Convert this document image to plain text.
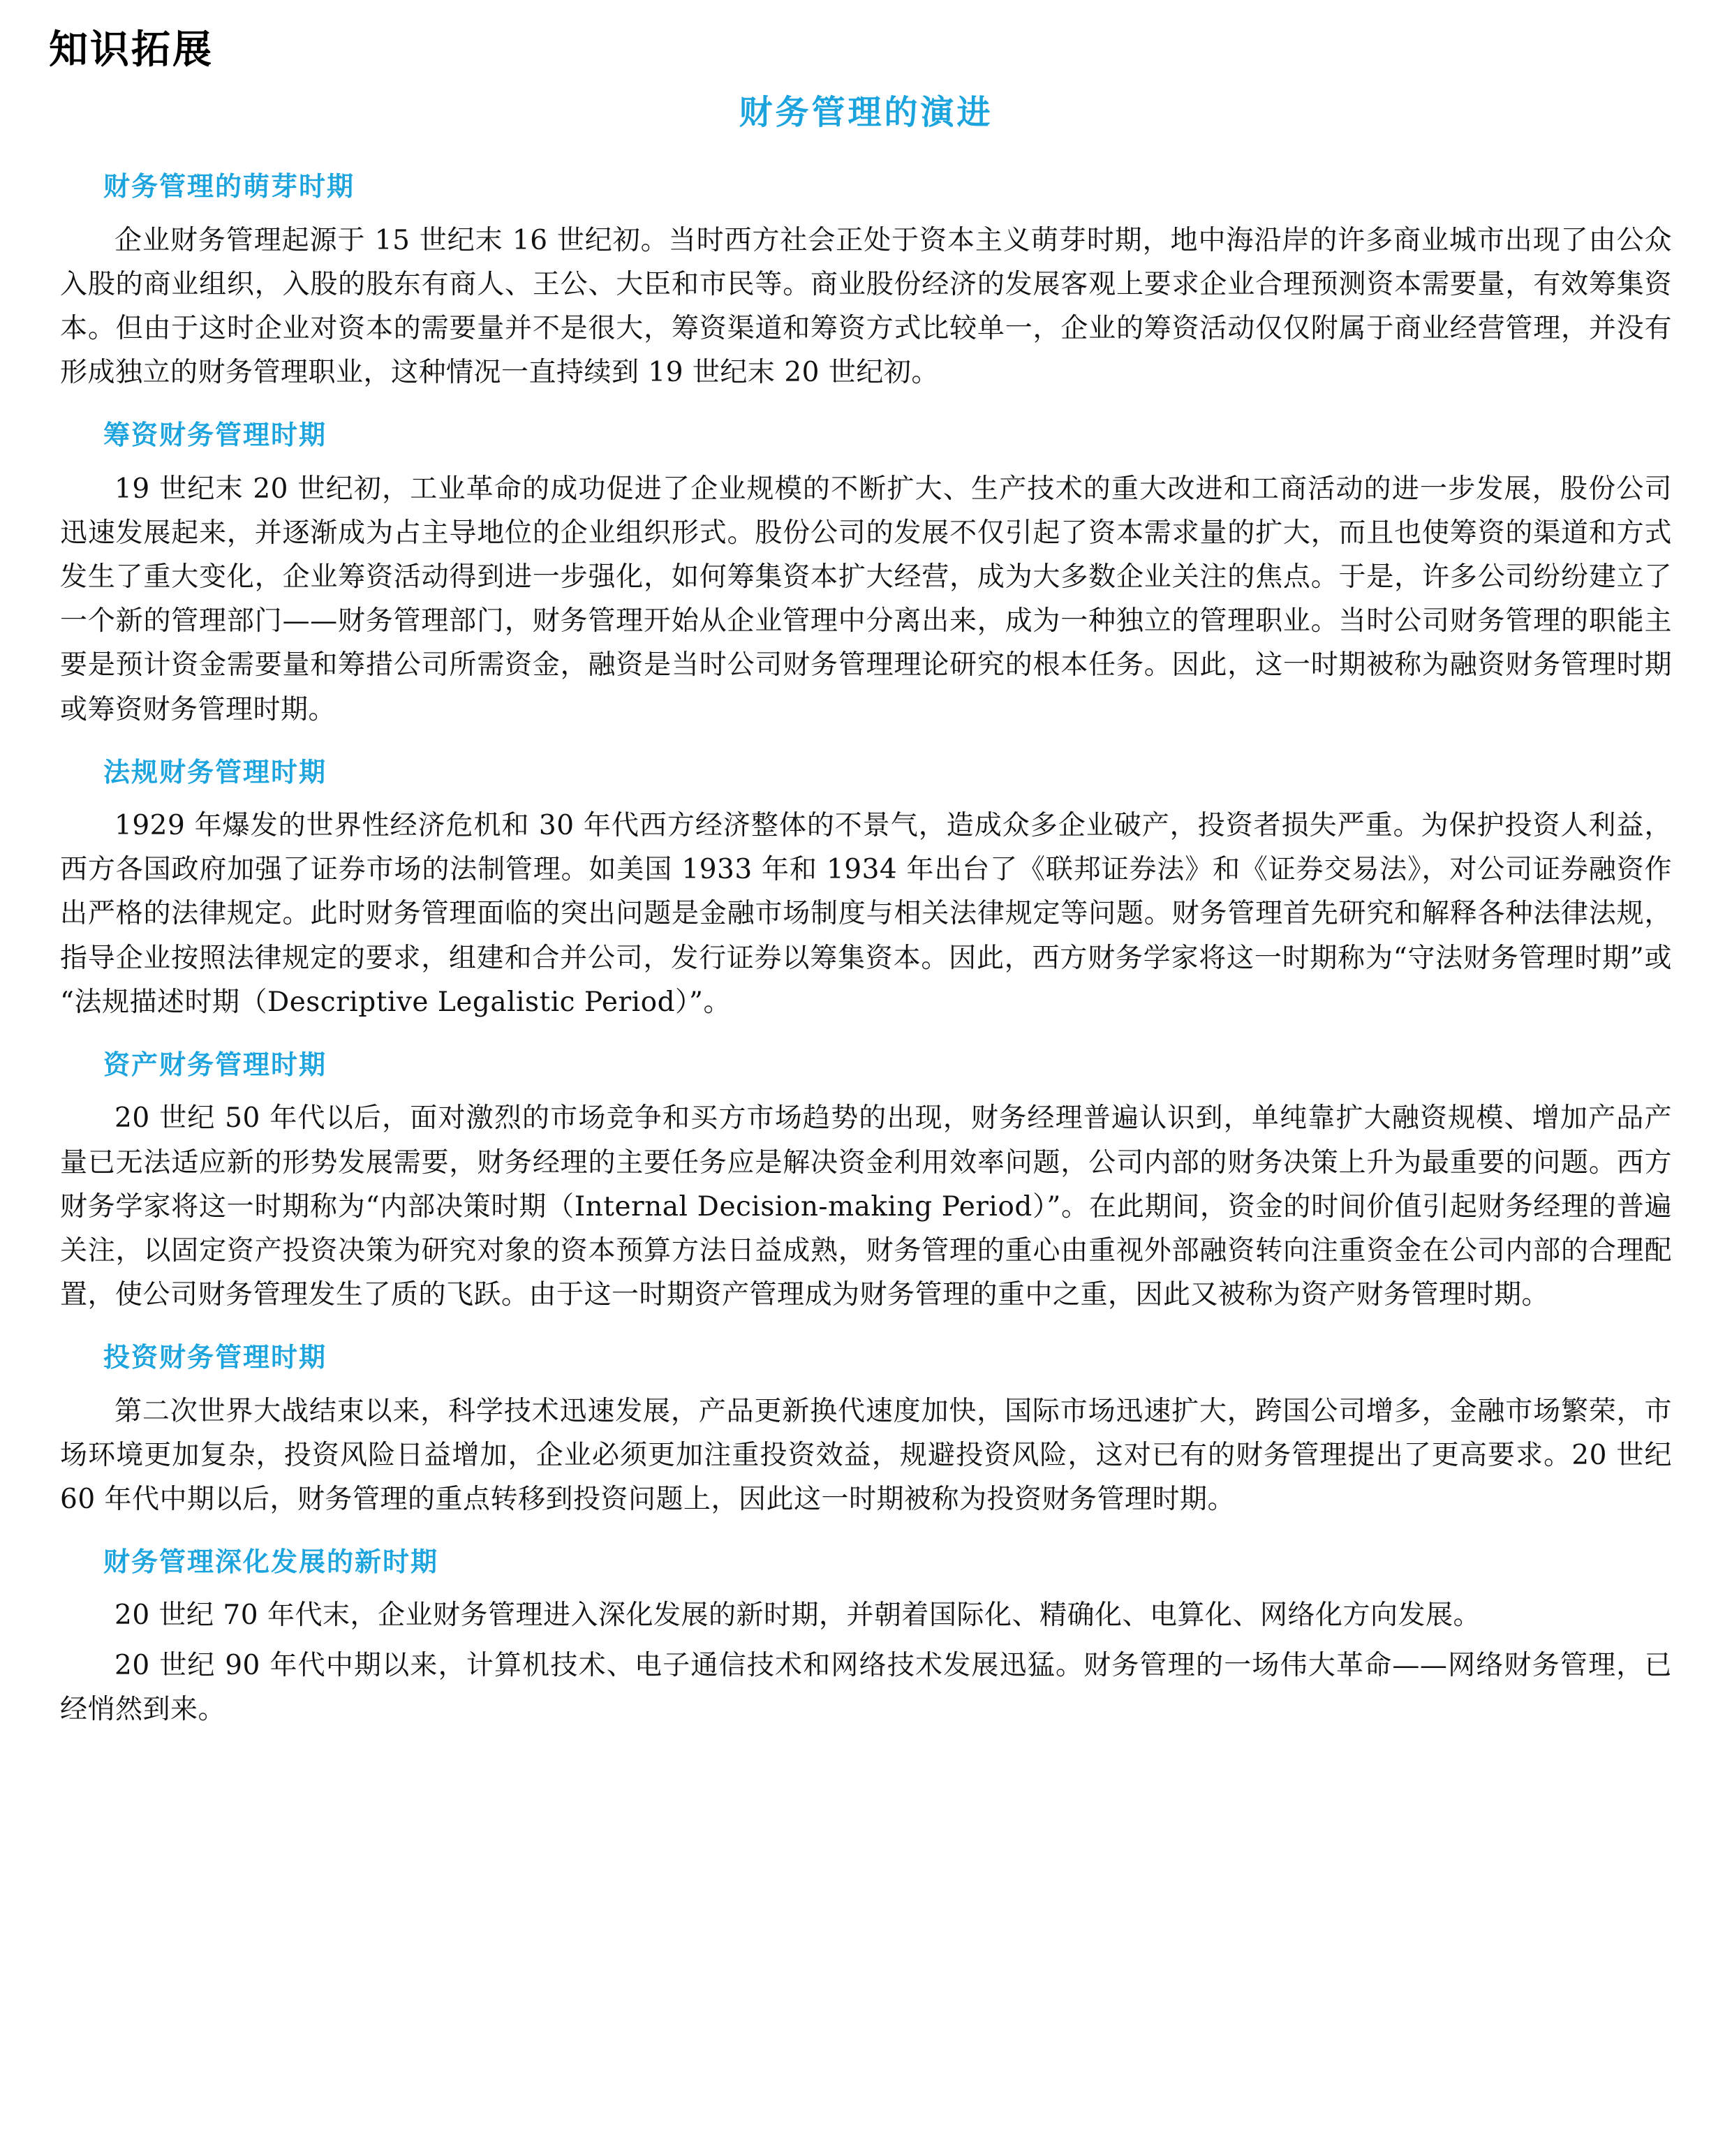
知识拓展
财务管理的演进
财务管理的萌芽时期

企业财务管理起源于 15 世纪末 16 世纪初。当时西方社会正处于资本主义萌芽时期，地中海沿岸的许多商业城市出现了由公众入股的商业组织，入股的股东有商人、王公、大臣和市民等。商业股份经济的发展客观上要求企业合理预测资本需要量，有效筹集资本。但由于这时企业对资本的需要量并不是很大，筹资渠道和筹资方式比较单一，企业的筹资活动仅仅附属于商业经营管理，并没有形成独立的财务管理职业，这种情况一直持续到 19 世纪末 20 世纪初。

筹资财务管理时期

19 世纪末 20 世纪初，工业革命的成功促进了企业规模的不断扩大、生产技术的重大改进和工商活动的进一步发展，股份公司迅速发展起来，并逐渐成为占主导地位的企业组织形式。股份公司的发展不仅引起了资本需求量的扩大，而且也使筹资的渠道和方式发生了重大变化，企业筹资活动得到进一步强化，如何筹集资本扩大经营，成为大多数企业关注的焦点。于是，许多公司纷纷建立了一个新的管理部门——财务管理部门，财务管理开始从企业管理中分离出来，成为一种独立的管理职业。当时公司财务管理的职能主要是预计资金需要量和筹措公司所需资金，融资是当时公司财务管理理论研究的根本任务。因此，这一时期被称为融资财务管理时期或筹资财务管理时期。

法规财务管理时期

1929 年爆发的世界性经济危机和 30 年代西方经济整体的不景气，造成众多企业破产，投资者损失严重。为保护投资人利益，西方各国政府加强了证券市场的法制管理。如美国 1933 年和 1934 年出台了《联邦证券法》和《证券交易法》，对公司证券融资作出严格的法律规定。此时财务管理面临的突出问题是金融市场制度与相关法律规定等问题。财务管理首先研究和解释各种法律法规，指导企业按照法律规定的要求，组建和合并公司，发行证券以筹集资本。因此，西方财务学家将这一时期称为“守法财务管理时期”或“法规描述时期（Descriptive Legalistic Period）”。

资产财务管理时期

20 世纪 50 年代以后，面对激烈的市场竞争和买方市场趋势的出现，财务经理普遍认识到，单纯靠扩大融资规模、增加产品产量已无法适应新的形势发展需要，财务经理的主要任务应是解决资金利用效率问题，公司内部的财务决策上升为最重要的问题。西方财务学家将这一时期称为“内部决策时期（Internal Decision-making Period）”。在此期间，资金的时间价值引起财务经理的普遍关注，以固定资产投资决策为研究对象的资本预算方法日益成熟，财务管理的重心由重视外部融资转向注重资金在公司内部的合理配置，使公司财务管理发生了质的飞跃。由于这一时期资产管理成为财务管理的重中之重，因此又被称为资产财务管理时期。

投资财务管理时期

第二次世界大战结束以来，科学技术迅速发展，产品更新换代速度加快，国际市场迅速扩大，跨国公司增多，金融市场繁荣，市场环境更加复杂，投资风险日益增加，企业必须更加注重投资效益，规避投资风险，这对已有的财务管理提出了更高要求。20 世纪 60 年代中期以后，财务管理的重点转移到投资问题上，因此这一时期被称为投资财务管理时期。

财务管理深化发展的新时期

20 世纪 70 年代末，企业财务管理进入深化发展的新时期，并朝着国际化、精确化、电算化、网络化方向发展。

20 世纪 90 年代中期以来，计算机技术、电子通信技术和网络技术发展迅猛。财务管理的一场伟大革命——网络财务管理，已经悄然到来。
